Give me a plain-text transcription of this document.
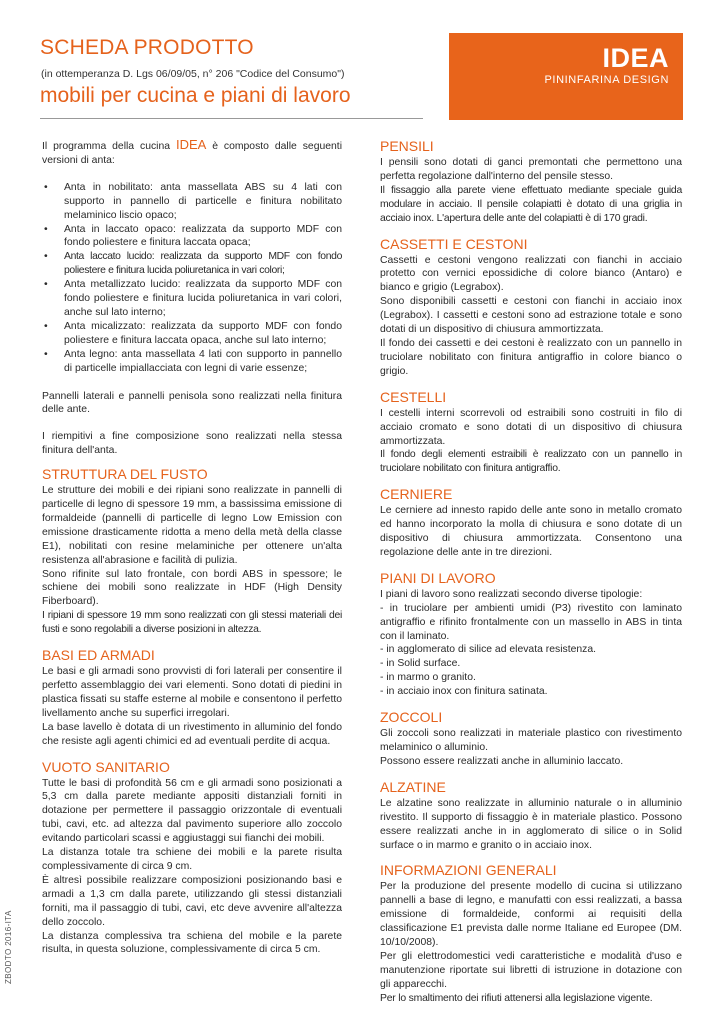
SCHEDA PRODOTTO
(in ottemperanza D. Lgs 06/09/05, n° 206 "Codice del Consumo")
mobili per cucina e piani di lavoro
IDEA
PININFARINA DESIGN

Il programma della cucina IDEA è composto dalle seguenti versioni di anta:

• Anta in nobilitato: anta massellata ABS su 4 lati con supporto in pannello di particelle e finitura nobilitato melaminico liscio opaco;
• Anta in laccato opaco: realizzata da supporto MDF con fondo poliestere e finitura laccata opaca;
• Anta laccato lucido: realizzata da supporto MDF con fondo poliestere e finitura lucida poliuretanica in vari colori;
• Anta metallizzato lucido: realizzata da supporto MDF con fondo poliestere e finitura lucida poliuretanica in vari colori, anche sul lato interno;
• Anta micalizzato: realizzata da supporto MDF con fondo poliestere e finitura laccata opaca, anche sul lato interno;
• Anta legno: anta massellata 4 lati con supporto in pannello di particelle impiallacciata con legni di varie essenze;

Pannelli laterali e pannelli penisola sono realizzati nella finitura delle ante.

I riempitivi a fine composizione sono realizzati nella stessa finitura dell'anta.

STRUTTURA DEL FUSTO

Le strutture dei mobili e dei ripiani sono realizzate in pannelli di particelle di legno di spessore 19 mm, a bassissima emissione di formaldeide (pannelli di particelle di legno Low Emission con emissione drasticamente ridotta a meno della metà della classe E1), nobilitati con resine melaminiche per ottenere un'alta resistenza all'abrasione e facilità di pulizia.

Sono rifinite sul lato frontale, con bordi ABS in spessore; le schiene dei mobili sono realizzate in HDF (High Density Fiberboard).

I ripiani di spessore 19 mm sono realizzati con gli stessi materiali dei fusti e sono regolabili a diverse posizioni in altezza.

BASI ED ARMADI

Le basi e gli armadi sono provvisti di fori laterali per consentire il perfetto assemblaggio dei vari elementi. Sono dotati di piedini in plastica fissati su staffe esterne al mobile e consentono il perfetto livellamento anche su superfici irregolari.

La base lavello è dotata di un rivestimento in alluminio del fondo che resiste agli agenti chimici ed ad eventuali perdite di acqua.

VUOTO SANITARIO

Tutte le basi di profondità 56 cm e gli armadi sono posizionati a 5,3 cm dalla parete mediante appositi distanziali forniti in dotazione per permettere il passaggio orizzontale di eventuali tubi, cavi, etc. ad altezza dal pavimento superiore allo zoccolo evitando particolari scassi e aggiustaggi sui fianchi dei mobili.

La distanza totale tra schiene dei mobili e la parete risulta complessivamente di circa 9 cm.

È altresì possibile realizzare composizioni posizionando basi e armadi a 1,3 cm dalla parete, utilizzando gli stessi distanziali forniti, ma il passaggio di tubi, cavi, etc deve avvenire all'altezza dello zoccolo.

La distanza complessiva tra schiena del mobile e la parete risulta, in questa soluzione, complessivamente di circa 5 cm.

PENSILI

I pensili sono dotati di ganci premontati che permettono una perfetta regolazione dall'interno del pensile stesso.

Il fissaggio alla parete viene effettuato mediante speciale guida modulare in acciaio. Il pensile colapiatti è dotato di una griglia in acciaio inox. L'apertura delle ante del colapiatti è di 170 gradi.

CASSETTI E CESTONI

Cassetti e cestoni vengono realizzati con fianchi in acciaio protetto con vernici epossidiche di colore bianco (Antaro) e bianco e grigio (Legrabox).

Sono disponibili cassetti e cestoni con fianchi in acciaio inox (Legrabox). I cassetti e cestoni sono ad estrazione totale e sono dotati di un dispositivo di chiusura ammortizzata.

Il fondo dei cassetti e dei cestoni è realizzato con un pannello in truciolare nobilitato con finitura antigraffio in colore bianco o grigio.

CESTELLI

I cestelli interni scorrevoli od estraibili sono costruiti in filo di acciaio cromato e sono dotati di un dispositivo di chiusura ammortizzata.

Il fondo degli elementi estraibili è realizzato con un pannello in truciolare nobilitato con finitura antigraffio.

CERNIERE

Le cerniere ad innesto rapido delle ante sono in metallo cromato ed hanno incorporato la molla di chiusura e sono dotate di un dispositivo di chiusura ammortizzata. Consentono una regolazione delle ante in tre direzioni.

PIANI DI LAVORO

I piani di lavoro sono realizzati secondo diverse tipologie:

- in truciolare per ambienti umidi (P3) rivestito con laminato antigraffio e rifinito frontalmente con un massello in ABS in tinta con il laminato.

- in agglomerato di silice ad elevata resistenza.

- in Solid surface.

- in marmo o granito.

- in acciaio inox con finitura satinata.

ZOCCOLI

Gli zoccoli sono realizzati in materiale plastico con rivestimento melaminico o alluminio.

Possono essere realizzati anche in alluminio laccato.

ALZATINE

Le alzatine sono realizzate in alluminio naturale o in alluminio rivestito. Il supporto di fissaggio è in materiale plastico. Possono essere realizzati anche in in agglomerato di silice o in Solid surface o in marmo e granito o in acciaio inox.

INFORMAZIONI GENERALI

Per la produzione del presente modello di cucina si utilizzano pannelli a base di legno, e manufatti con essi realizzati, a bassa emissione di formaldeide, conformi ai requisiti della classificazione E1 prevista dalle norme Italiane ed Europee (DM. 10/10/2008).

Per gli elettrodomestici vedi caratteristiche e modalità d'uso e manutenzione riportate sui libretti di istruzione in dotazione con gli apparecchi.

Per lo smaltimento dei rifiuti attenersi alla legislazione vigente.

ZBODTO 2016-ITA
